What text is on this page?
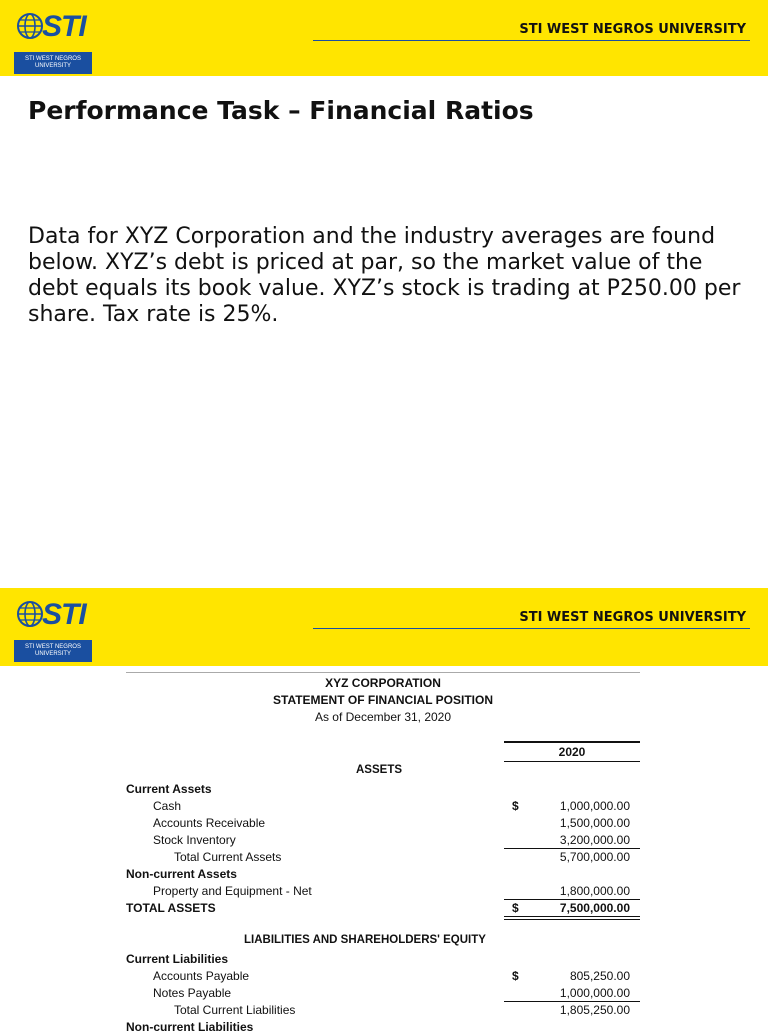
STI
STI WEST NEGROS
UNIVERSITY
STI WEST NEGROS UNIVERSITY
Performance Task – Financial Ratios
Data for XYZ Corporation and the industry averages are found below. XYZ’s debt is priced at par, so the market value of the debt equals its book value. XYZ’s stock is trading at P250.00 per share. Tax rate is 25%.
STI
STI WEST NEGROS
UNIVERSITY
STI WEST NEGROS UNIVERSITY
XYZ CORPORATION
STATEMENT OF FINANCIAL POSITION
As of December 31, 2020
2020
ASSETS
Current Assets
Cash	$	1,000,000.00
Accounts Receivable	1,500,000.00
Stock Inventory	3,200,000.00
Total Current Assets	5,700,000.00
Non-current Assets
Property and Equipment - Net	1,800,000.00
TOTAL ASSETS	$	7,500,000.00
LIABILITIES AND SHAREHOLDERS' EQUITY
Current Liabilities
Accounts Payable	$	805,250.00
Notes Payable	1,000,000.00
Total Current Liabilities	1,805,250.00
Non-current Liabilities
